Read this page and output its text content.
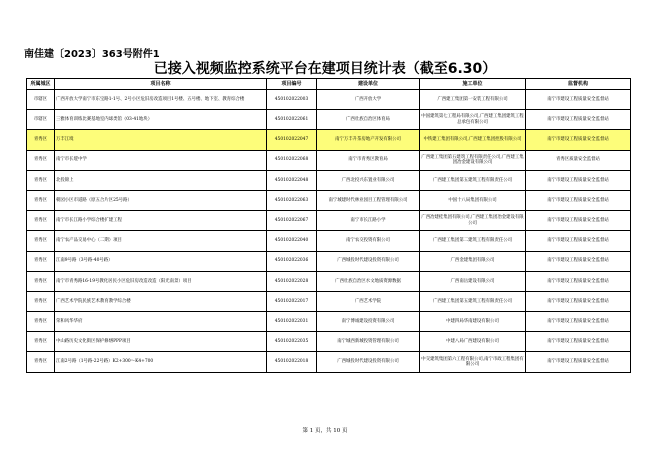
南佳建〔2023〕363号附件1
已接入视频监控系统平台在建项目统计表（截至6.30）
所属城区	项目名称	项目编号	建设单位	施工单位	监督机构
市辖区	广西开放大学南宁市东宝路1-1号、2号小区危旧房改造项目1号楼、五号楼、地下室、教育综合楼	450102022003	广西开放大学	广西建工集团第一安装工程有限公司	南宁市建设工程质量安全监督站
市辖区	三雅体育训练比赛基地室内球类馆（03-41地块）	450102022061	广西壮族自治区体育局	中国建筑第七工程局有限公司,广西建工集团建筑工程总承包有限公司	南宁市建设工程质量安全监督站
青秀区	万丰江境	450102022047	南宁万丰升茶房地产开发有限公司	中铁建工集团有限公司,广西建工集团控股有限公司	南宁市建设工程质量安全监督站
青秀区	南宁市长堽中学	450102022068	南宁市青秀区教育局	广西建工集团第五建筑工程有限责任公司,广西建工集团冶金建设有限公司	青秀区质量安全监督站
青秀区	北投锦上	450102022048	广西北投兴东置业有限公司	广西建工集团第五建筑工程有限责任公司	南宁市建设工程质量安全监督站
青秀区	朝园小区市道路（原五合片区25号路）	450102022063	南宁城建时代林业园目工程管理有限公司	中国十八局集团有限公司	南宁市建设工程质量安全监督站
青秀区	南宁市长江路小学综合楼扩建工程	450102022067	南宁市长江路小学	广西冶建桂集团有限公司,广西建工集团冶金建设有限公司	南宁市建设工程质量安全监督站
青秀区	南宁农产品交易中心（二期）项目	450102022040	南宁农交投资有限公司	广西建工集团第二建筑工程有限责任公司	南宁市建设工程质量安全监督站
青秀区	江南9号路（3号路-40号路）	450102022036	广西城投时代建设投资有限公司	广西金建集团有限公司	南宁市建设工程质量安全监督站
青秀区	南宁市青秀路16-19号教化居民小区危旧房改造改造（阳光南景）项目	450102022028	广西壮族自治区水文地质资源数据	广西南岳建设有限公司	南宁市建设工程质量安全监督站
青秀区	广西艺术学院民族艺术教育教学综合楼	450102022017	广西艺术学院	广西建工集团第五建筑工程有限责任公司	南宁市建设工程质量安全监督站
青秀区	荣和风华华府	450102022031	南宁博诚建设投资有限公司	中建四局华南建设有限公司	南宁市建设工程质量安全监督站
青秀区	中山路历史文化街区保护修缮PPP项目	450102022035	南宁城西新城投资管理有限公司	中建八局广西建设有限公司	南宁市建设工程质量安全监督站
青秀区	江南2号路（1号路-22号路）K2+300～K4+700	450102022018	广西城投时代建设投资有限公司	中交建筑集团第六工程有限公司,南宁市政工程集团有限公司	南宁市建设工程质量安全监督站
第 1 页，共 10 页
